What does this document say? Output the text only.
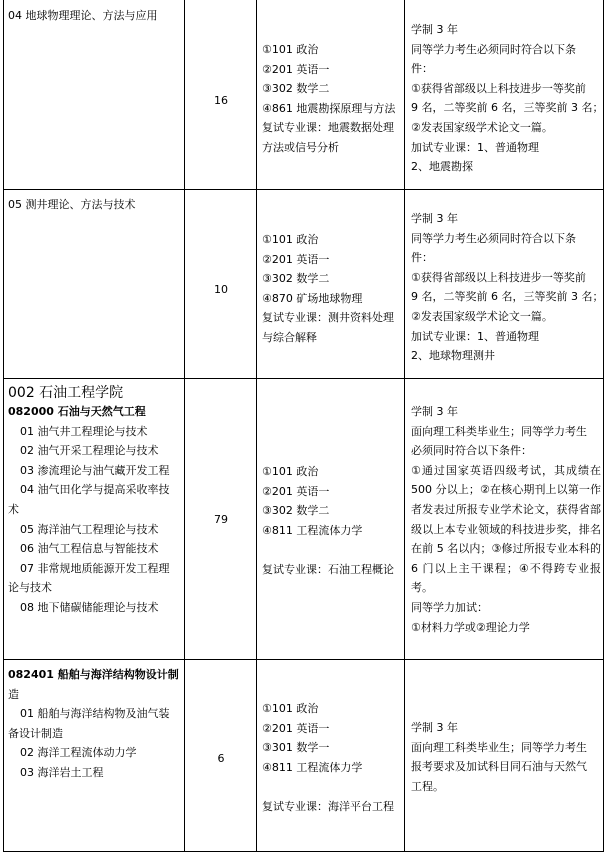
04 地球物理理论、方法与应用
16
①101 政治
②201 英语一
③302 数学二
④861 地震勘探原理与方法
复试专业课：地震数据处理
方法或信号分析
学制 3 年
同等学力考生必须同时符合以下条
件：
①获得省部级以上科技进步一等奖前
9 名，二等奖前 6 名，三等奖前 3 名；
②发表国家级学术论文一篇。
加试专业课：1、普通物理
2、地震勘探
05 测井理论、方法与技术
10
①101 政治
②201 英语一
③302 数学二
④870 矿场地球物理
复试专业课：测井资料处理
与综合解释
学制 3 年
同等学力考生必须同时符合以下条
件：
①获得省部级以上科技进步一等奖前
9 名，二等奖前 6 名，三等奖前 3 名；
②发表国家级学术论文一篇。
加试专业课：1、普通物理
2、地球物理测井
002 石油工程学院
082000 石油与天然气工程
01 油气井工程理论与技术
02 油气开采工程理论与技术
03 渗流理论与油气藏开发工程
04 油气田化学与提高采收率技
术
05 海洋油气工程理论与技术
06 油气工程信息与智能技术
07 非常规地质能源开发工程理
论与技术
08 地下储碳储能理论与技术
79
①101 政治
②201 英语一
③302 数学二
④811 工程流体力学
复试专业课：石油工程概论
学制 3 年
面向理工科类毕业生；同等学力考生
必须同时符合以下条件：
①通过国家英语四级考试，其成绩在 500 分以上；②在核心期刊上以第一作者发表过所报专业学术论文，获得省部级以上本专业领域的科技进步奖，排名在前 5 名以内；③修过所报专业本科的 6 门以上主干课程；④不得跨专业报考。
同等学力加试：
①材料力学或②理论力学
082401 船舶与海洋结构物设计制
造
01 船舶与海洋结构物及油气装
备设计制造
02 海洋工程流体动力学
03 海洋岩土工程
6
①101 政治
②201 英语一
③301 数学一
④811 工程流体力学
复试专业课：海洋平台工程
学制 3 年
面向理工科类毕业生；同等学力考生
报考要求及加试科目同石油与天然气
工程。
